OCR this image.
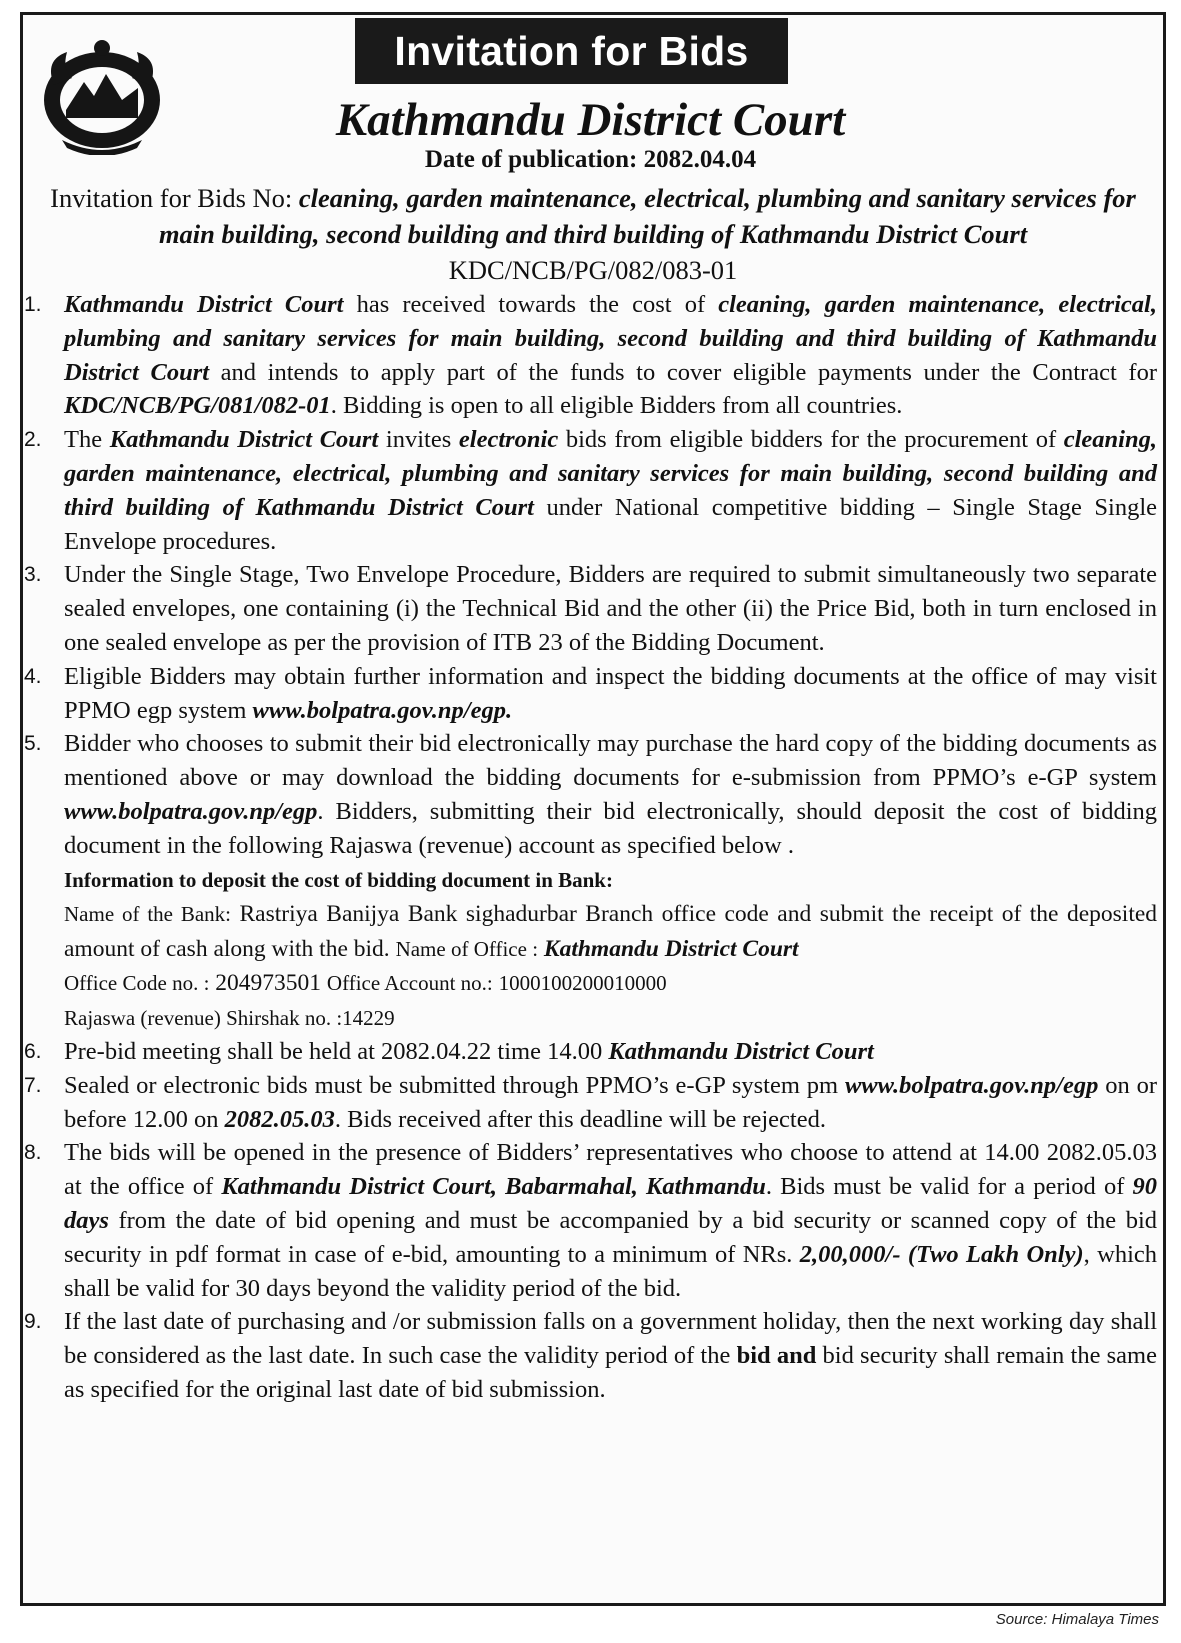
Invitation for Bids
Kathmandu District Court
Date of publication: 2082.04.04
Invitation for Bids No: cleaning, garden maintenance, electrical, plumbing and sanitary services for main building, second building and third building of Kathmandu District Court KDC/NCB/PG/082/083-01
1. Kathmandu District Court has received towards the cost of cleaning, garden maintenance, electrical, plumbing and sanitary services for main building, second building and third building of Kathmandu District Court and intends to apply part of the funds to cover eligible payments under the Contract for KDC/NCB/PG/081/082-01. Bidding is open to all eligible Bidders from all countries.
2. The Kathmandu District Court invites electronic bids from eligible bidders for the procurement of cleaning, garden maintenance, electrical, plumbing and sanitary services for main building, second building and third building of Kathmandu District Court under National competitive bidding – Single Stage Single Envelope procedures.
3. Under the Single Stage, Two Envelope Procedure, Bidders are required to submit simultaneously two separate sealed envelopes, one containing (i) the Technical Bid and the other (ii) the Price Bid, both in turn enclosed in one sealed envelope as per the provision of ITB 23 of the Bidding Document.
4. Eligible Bidders may obtain further information and inspect the bidding documents at the office of may visit PPMO egp system www.bolpatra.gov.np/egp.
5. Bidder who chooses to submit their bid electronically may purchase the hard copy of the bidding documents as mentioned above or may download the bidding documents for e-submission from PPMO’s e-GP system www.bolpatra.gov.np/egp. Bidders, submitting their bid electronically, should deposit the cost of bidding document in the following Rajaswa (revenue) account as specified below .
Information to deposit the cost of bidding document in Bank:
Name of the Bank: Rastriya Banijya Bank sighadurbar Branch office code and submit the receipt of the deposited amount of cash along with the bid. Name of Office : Kathmandu District Court
Office Code no. : 204973501 Office Account no.: 1000100200010000
Rajaswa (revenue) Shirshak no. :14229
6. Pre-bid meeting shall be held at 2082.04.22 time 14.00 Kathmandu District Court
7. Sealed or electronic bids must be submitted through PPMO’s e-GP system pm www.bolpatra.gov.np/egp on or before 12.00 on 2082.05.03. Bids received after this deadline will be rejected.
8. The bids will be opened in the presence of Bidders’ representatives who choose to attend at 14.00 2082.05.03 at the office of Kathmandu District Court, Babarmahal, Kathmandu. Bids must be valid for a period of 90 days from the date of bid opening and must be accompanied by a bid security or scanned copy of the bid security in pdf format in case of e-bid, amounting to a minimum of NRs. 2,00,000/- (Two Lakh Only), which shall be valid for 30 days beyond the validity period of the bid.
9. If the last date of purchasing and /or submission falls on a government holiday, then the next working day shall be considered as the last date. In such case the validity period of the bid and bid security shall remain the same as specified for the original last date of bid submission.
Source: Himalaya Times
